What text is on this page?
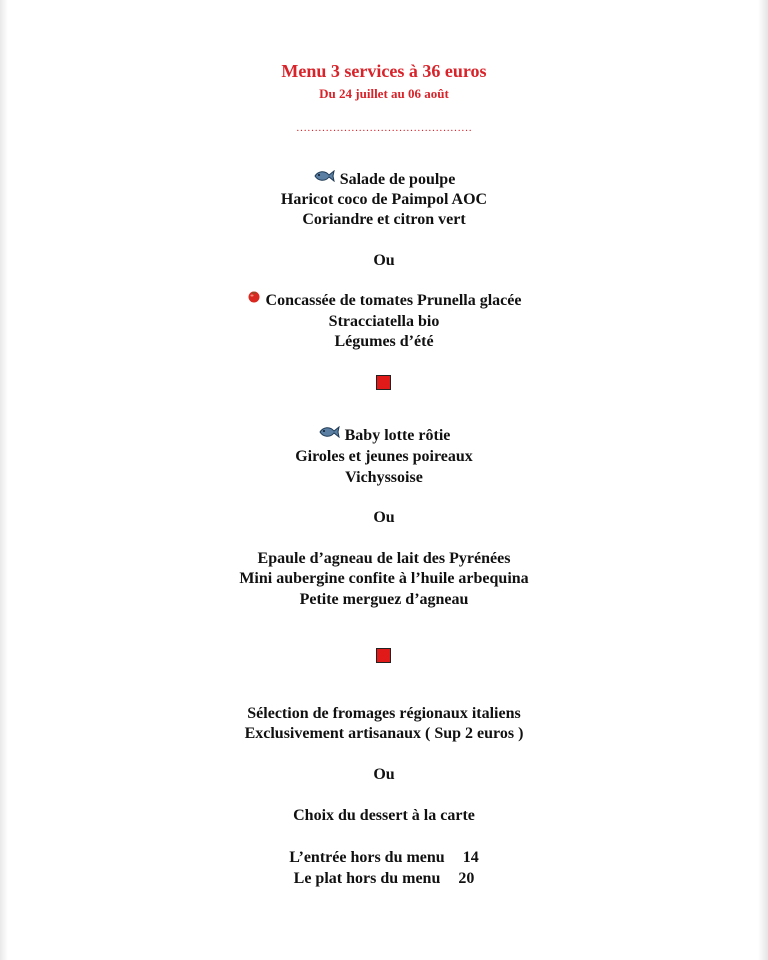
Menu 3 services à 36 euros
Du 24 juillet au 06 août
…………………………………………
Salade de poulpe
Haricot coco de Paimpol AOC
Coriandre et citron vert
Ou
Concassée de tomates Prunella glacée
Stracciatella bio
Légumes d’été
Baby lotte rôtie
Giroles et jeunes poireaux
Vichyssoise
Ou
Epaule d’agneau de lait des Pyrénées
Mini aubergine confite à l’huile arbequina
Petite merguez d’agneau
Sélection de fromages régionaux italiens
Exclusivement artisanaux ( Sup 2 euros )
Ou
Choix du dessert à la carte
L’entrée hors du menu 14
Le plat hors du menu 20
